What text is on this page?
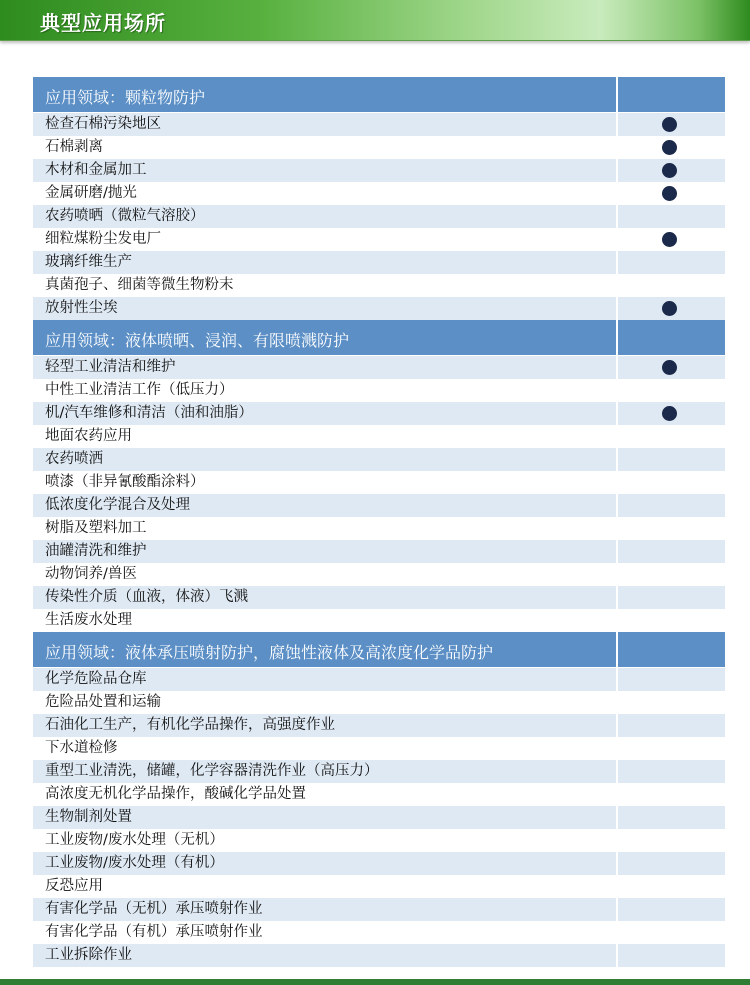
典型应用场所
应用领域：颗粒物防护
检查石棉污染地区
石棉剥离
木材和金属加工
金属研磨/抛光
农药喷晒（微粒气溶胶）
细粒煤粉尘发电厂
玻璃纤维生产
真菌孢子、细菌等微生物粉末
放射性尘埃
应用领域：液体喷晒、浸润、有限喷溅防护
轻型工业清洁和维护
中性工业清洁工作（低压力）
机/汽车维修和清洁（油和油脂）
地面农药应用
农药喷洒
喷漆（非异氰酸酯涂料）
低浓度化学混合及处理
树脂及塑料加工
油罐清洗和维护
动物饲养/兽医
传染性介质（血液，体液）飞溅
生活废水处理
应用领域：液体承压喷射防护，腐蚀性液体及高浓度化学品防护
化学危险品仓库
危险品处置和运输
石油化工生产，有机化学品操作，高强度作业
下水道检修
重型工业清洗，储罐，化学容器清洗作业（高压力）
高浓度无机化学品操作，酸碱化学品处置
生物制剂处置
工业废物/废水处理（无机）
工业废物/废水处理（有机）
反恐应用
有害化学品（无机）承压喷射作业
有害化学品（有机）承压喷射作业
工业拆除作业
